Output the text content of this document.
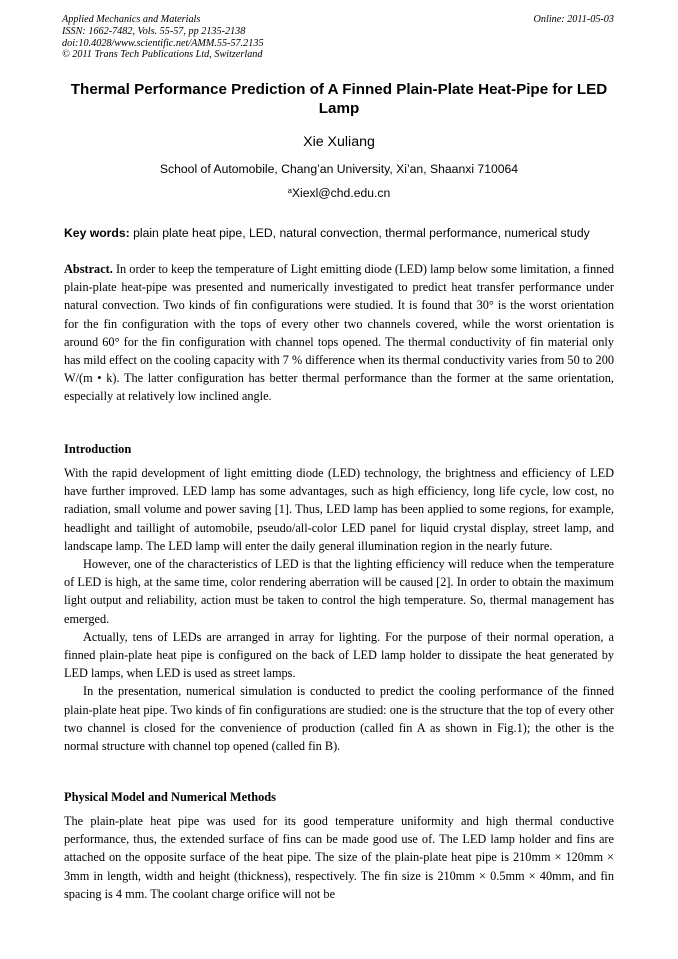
Applied Mechanics and Materials
ISSN: 1662-7482, Vols. 55-57, pp 2135-2138
doi:10.4028/www.scientific.net/AMM.55-57.2135
© 2011 Trans Tech Publications Ltd, Switzerland
Online: 2011-05-03
Thermal Performance Prediction of A Finned Plain-Plate Heat-Pipe for LED Lamp
Xie Xuliang
School of Automobile, Chang’an University, Xi’an, Shaanxi 710064
$^a$Xiexl@chd.edu.cn
Key words: plain plate heat pipe, LED, natural convection, thermal performance, numerical study

Abstract. In order to keep the temperature of Light emitting diode (LED) lamp below some limitation, a finned plain-plate heat-pipe was presented and numerically investigated to predict heat transfer performance under natural convection. Two kinds of fin configurations were studied. It is found that 30° is the worst orientation for the fin configuration with the tops of every other two channels covered, while the worst orientation is around 60° for the fin configuration with channel tops opened. The thermal conductivity of fin material only has mild effect on the cooling capacity with 7 % difference when its thermal conductivity varies from 50 to 200 W/(m • k). The latter configuration has better thermal performance than the former at the same orientation, especially at relatively low inclined angle.

Introduction

With the rapid development of light emitting diode (LED) technology, the brightness and efficiency of LED have further improved. LED lamp has some advantages, such as high efficiency, long life cycle, low cost, no radiation, small volume and power saving [1]. Thus, LED lamp has been applied to some regions, for example, headlight and taillight of automobile, pseudo/all-color LED panel for liquid crystal display, street lamp, and landscape lamp. The LED lamp will enter the daily general illumination region in the nearly future.

However, one of the characteristics of LED is that the lighting efficiency will reduce when the temperature of LED is high, at the same time, color rendering aberration will be caused [2]. In order to obtain the maximum light output and reliability, action must be taken to control the high temperature. So, thermal management has emerged.

Actually, tens of LEDs are arranged in array for lighting. For the purpose of their normal operation, a finned plain-plate heat pipe is configured on the back of LED lamp holder to dissipate the heat generated by LED lamps, when LED is used as street lamps.

In the presentation, numerical simulation is conducted to predict the cooling performance of the finned plain-plate heat pipe. Two kinds of fin configurations are studied: one is the structure that the top of every other two channel is closed for the convenience of production (called fin A as shown in Fig.1); the other is the normal structure with channel top opened (called fin B).

Physical Model and Numerical Methods

The plain-plate heat pipe was used for its good temperature uniformity and high thermal conductive performance, thus, the extended surface of fins can be made good use of. The LED lamp holder and fins are attached on the opposite surface of the heat pipe. The size of the plain-plate heat pipe is 210mm × 120mm × 3mm in length, width and height (thickness), respectively. The fin size is 210mm × 0.5mm × 40mm, and fin spacing is 4 mm. The coolant charge orifice will not be
